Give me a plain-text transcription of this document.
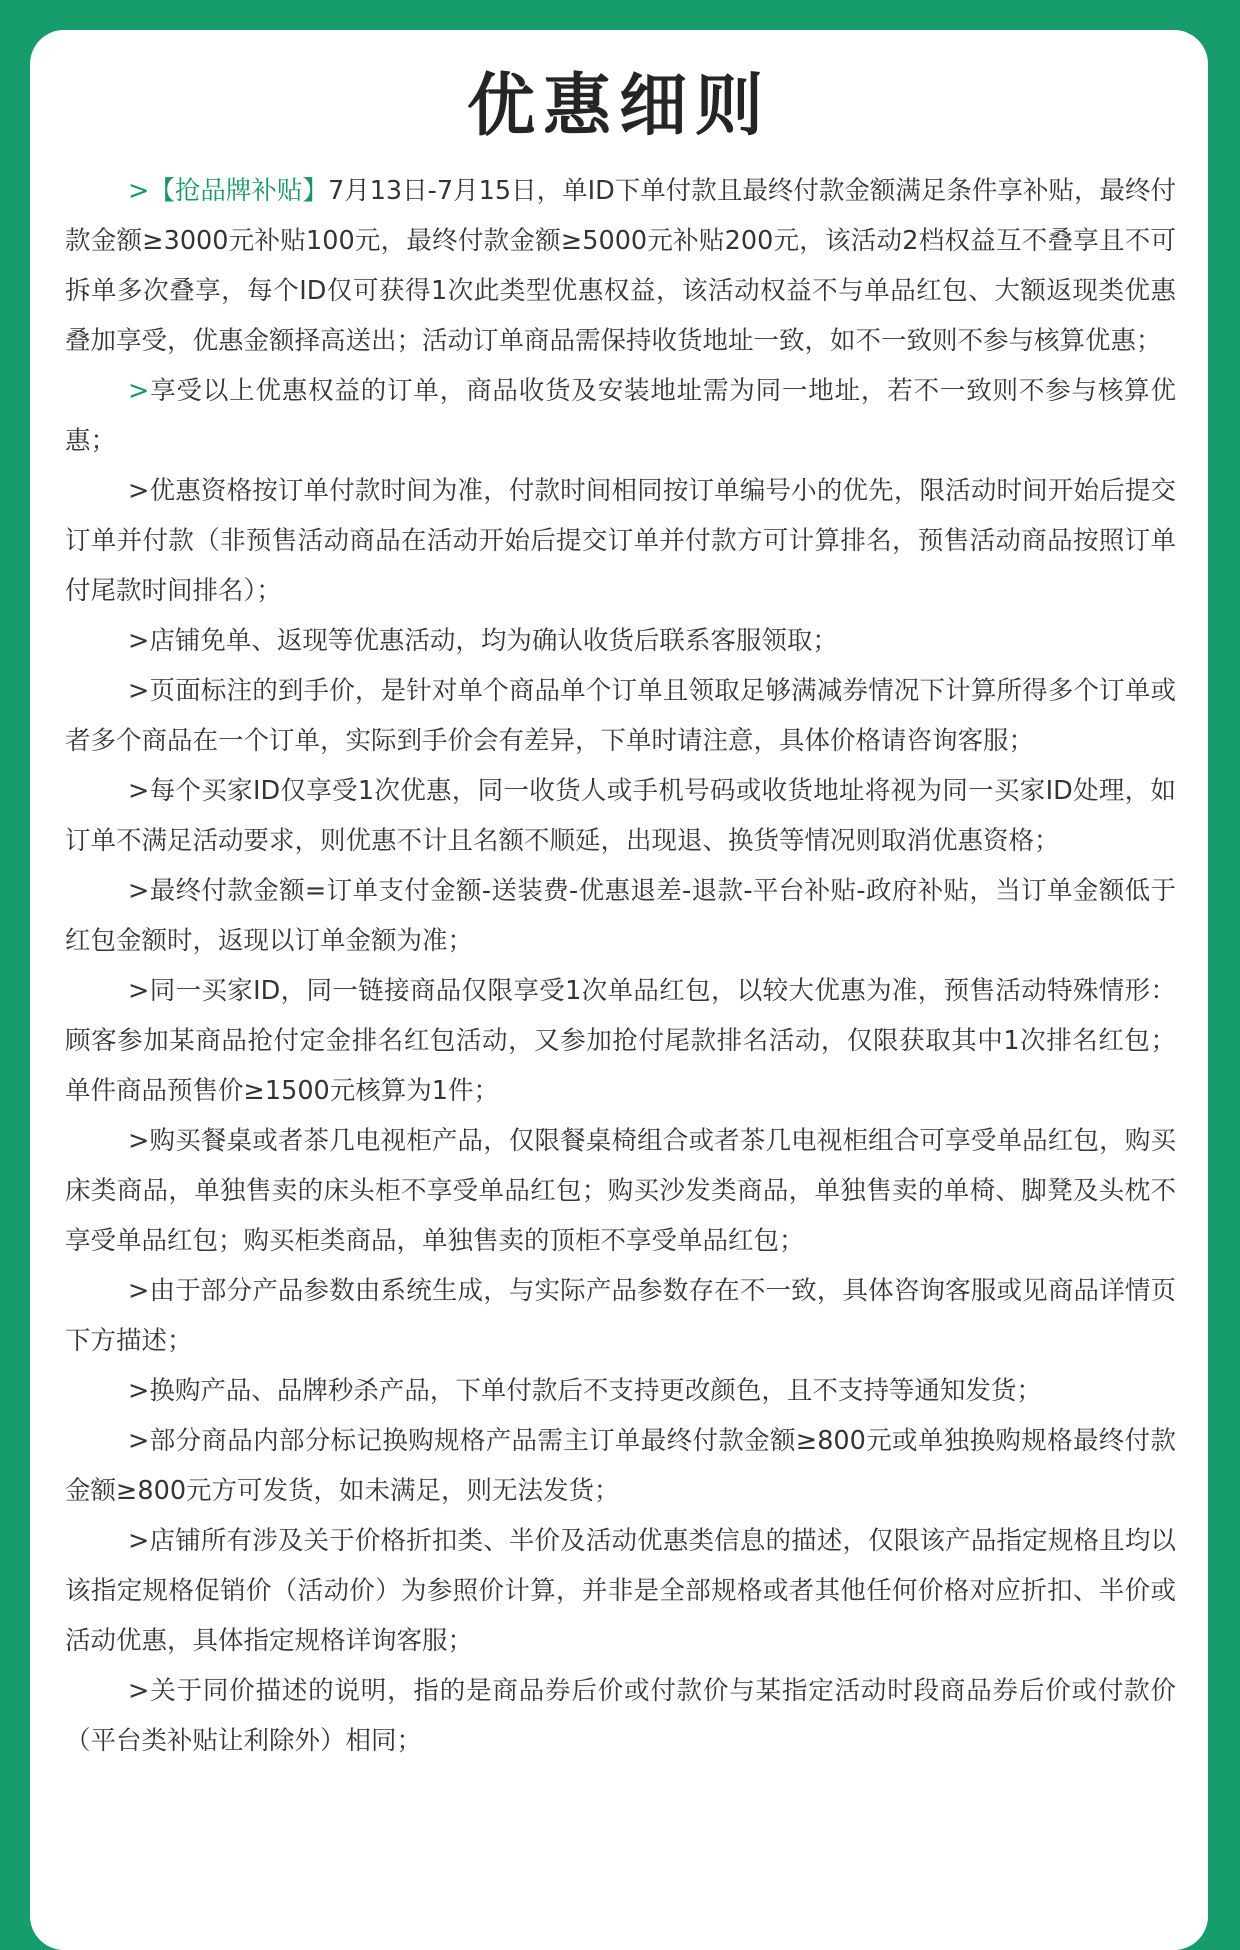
优惠细则

>【抢品牌补贴】7月13日-7月15日，单ID下单付款且最终付款金额满足条件享补贴，最终付款金额≥3000元补贴100元，最终付款金额≥5000元补贴200元，该活动2档权益互不叠享且不可拆单多次叠享，每个ID仅可获得1次此类型优惠权益，该活动权益不与单品红包、大额返现类优惠叠加享受，优惠金额择高送出；活动订单商品需保持收货地址一致，如不一致则不参与核算优惠；

>享受以上优惠权益的订单，商品收货及安装地址需为同一地址，若不一致则不参与核算优惠；

>优惠资格按订单付款时间为准，付款时间相同按订单编号小的优先，限活动时间开始后提交订单并付款（非预售活动商品在活动开始后提交订单并付款方可计算排名，预售活动商品按照订单付尾款时间排名）；

>店铺免单、返现等优惠活动，均为确认收货后联系客服领取；

>页面标注的到手价，是针对单个商品单个订单且领取足够满减券情况下计算所得多个订单或者多个商品在一个订单，实际到手价会有差异，下单时请注意，具体价格请咨询客服；

>每个买家ID仅享受1次优惠，同一收货人或手机号码或收货地址将视为同一买家ID处理，如订单不满足活动要求，则优惠不计且名额不顺延，出现退、换货等情况则取消优惠资格；

>最终付款金额=订单支付金额-送装费-优惠退差-退款-平台补贴-政府补贴，当订单金额低于红包金额时，返现以订单金额为准；

>同一买家ID，同一链接商品仅限享受1次单品红包，以较大优惠为准，预售活动特殊情形：顾客参加某商品抢付定金排名红包活动，又参加抢付尾款排名活动，仅限获取其中1次排名红包；单件商品预售价≥1500元核算为1件；

>购买餐桌或者茶几电视柜产品，仅限餐桌椅组合或者茶几电视柜组合可享受单品红包，购买床类商品，单独售卖的床头柜不享受单品红包；购买沙发类商品，单独售卖的单椅、脚凳及头枕不享受单品红包；购买柜类商品，单独售卖的顶柜不享受单品红包；

>由于部分产品参数由系统生成，与实际产品参数存在不一致，具体咨询客服或见商品详情页下方描述；

>换购产品、品牌秒杀产品，下单付款后不支持更改颜色，且不支持等通知发货；

>部分商品内部分标记换购规格产品需主订单最终付款金额≥800元或单独换购规格最终付款金额≥800元方可发货，如未满足，则无法发货；

>店铺所有涉及关于价格折扣类、半价及活动优惠类信息的描述，仅限该产品指定规格且均以该指定规格促销价（活动价）为参照价计算，并非是全部规格或者其他任何价格对应折扣、半价或活动优惠，具体指定规格详询客服；

>关于同价描述的说明，指的是商品券后价或付款价与某指定活动时段商品券后价或付款价（平台类补贴让利除外）相同；
